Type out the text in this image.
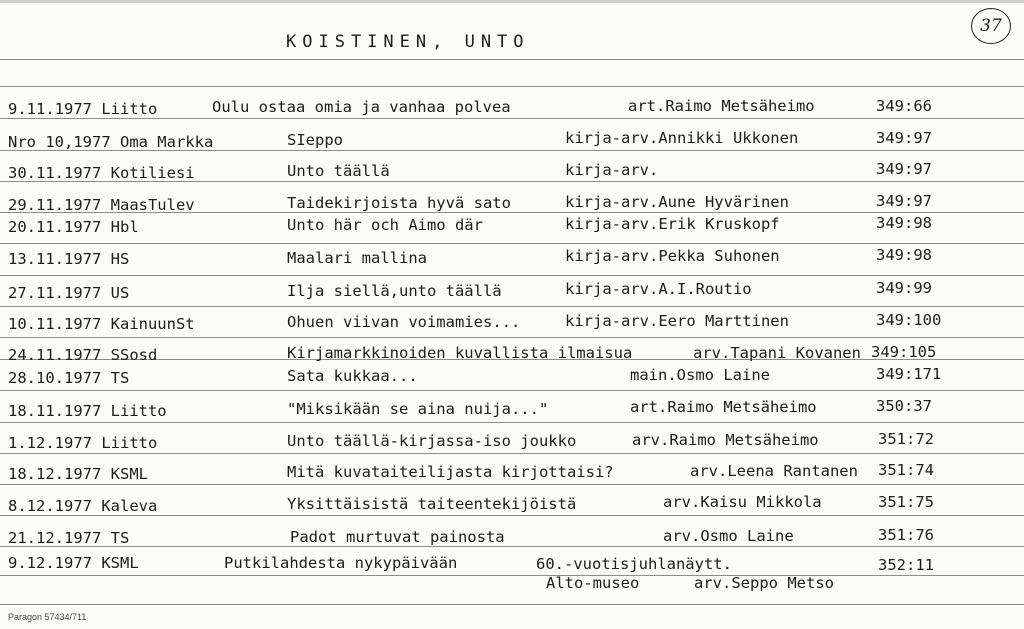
KOISTINEN, UNTO
37
9.11.1977 Liitto	Oulu ostaa omia ja vanhaa polvea	art.Raimo Metsäheimo	349:66
Nro 10,1977 Oma Markka	SIeppo	kirja-arv.Annikki Ukkonen	349:97
30.11.1977 Kotiliesi	Unto täällä	kirja-arv.	349:97
29.11.1977 MaasTulev	Taidekirjoista hyvä sato	kirja-arv.Aune Hyvärinen	349:97
20.11.1977 Hbl	Unto här och Aimo där	kirja-arv.Erik Kruskopf	349:98
13.11.1977 HS	Maalari mallina	kirja-arv.Pekka Suhonen	349:98
27.11.1977 US	Ilja siellä,unto täällä	kirja-arv.A.I.Routio	349:99
10.11.1977 KainuunSt	Ohuen viivan voimamies...	kirja-arv.Eero Marttinen	349:100
24.11.1977 SSosd	Kirjamarkkinoiden kuvallista ilmaisua	arv.Tapani Kovanen 349:105
28.10.1977 TS	Sata kukkaa...	main.Osmo Laine	349:171
18.11.1977 Liitto	"Miksikään se aina nuija..."	art.Raimo Metsäheimo	350:37
1.12.1977 Liitto	Unto täällä-kirjassa-iso joukko	arv.Raimo Metsäheimo	351:72
18.12.1977 KSML	Mitä kuvataiteilijasta kirjottaisi?	arv.Leena Rantanen 351:74
8.12.1977 Kaleva	Yksittäisistä taiteentekijöistä	arv.Kaisu Mikkola	351:75
21.12.1977 TS	Padot murtuvat painosta	arv.Osmo Laine	351:76
9.12.1977 KSML	Putkilahdesta nykypäivään	60.-vuotisjuhlanäytt.	352:11
Alto-museo	arv.Seppo Metso
Paragon 57434/711
